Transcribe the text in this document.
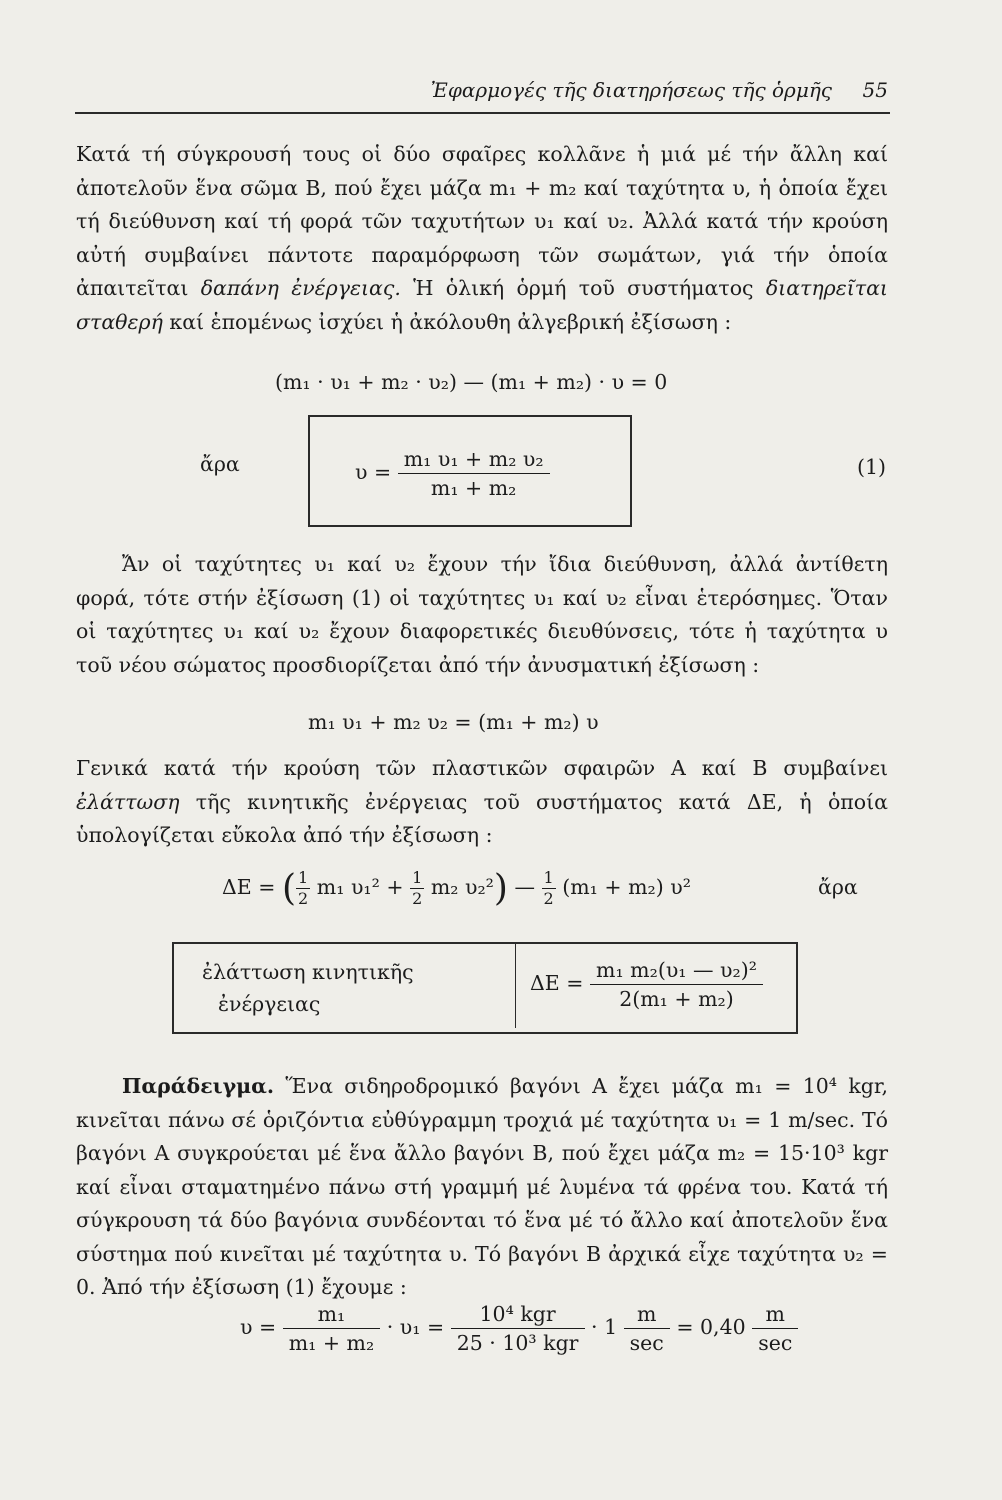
Ἐφαρμογές τῆς διατηρήσεως τῆς ὁρμῆς 55

Κατά τή σύγκρουσή τους οἱ δύο σφαῖρες κολλᾶνε ἡ μιά μέ τήν ἄλλη καί ἀποτελοῦν ἕνα σῶμα Β, πού ἔχει μάζα m₁ + m₂ καί ταχύτητα υ, ἡ ὁποία ἔχει τή διεύθυνση καί τή φορά τῶν ταχυτήτων υ₁ καί υ₂. Ἀλλά κατά τήν κρούση αὐτή συμβαίνει πάντοτε παραμόρφωση τῶν σωμάτων, γιά τήν ὁποία ἀπαιτεῖται δαπάνη ἐνέργειας. Ἡ ὁλική ὁρμή τοῦ συστήματος διατηρεῖται σταθερή καί ἑπομένως ἰσχύει ἡ ἀκόλουθη ἀλγεβρική ἐξίσωση :

(m₁ · υ₁ + m₂ · υ₂) — (m₁ + m₂) · υ = 0
ἄρα	$\upsilon = \frac{\text{m₁ υ₁ + m₂ υ₂}}{\text{m₁ + m₂}}$	(1)

Ἄν οἱ ταχύτητες υ₁ καί υ₂ ἔχουν τήν ἴδια διεύθυνση, ἀλλά ἀντίθετη φορά, τότε στήν ἐξίσωση (1) οἱ ταχύτητες υ₁ καί υ₂ εἶναι ἑτερόσημες. Ὅταν οἱ ταχύτητες υ₁ καί υ₂ ἔχουν διαφορετικές διευθύνσεις, τότε ἡ ταχύτητα υ τοῦ νέου σώματος προσδιορίζεται ἀπό τήν ἀνυσματική ἐξίσωση :

m₁ υ₁ + m₂ υ₂ = (m₁ + m₂) υ

Γενικά κατά τήν κρούση τῶν πλαστικῶν σφαιρῶν Α καί Β συμβαίνει ἐλάττωση τῆς κινητικῆς ἐνέργειας τοῦ συστήματος κατά ΔΕ, ἡ ὁποία ὑπολογίζεται εὔκολα ἀπό τήν ἐξίσωση :

ΔΕ = ( $\frac{1}{2} m_1$ $\upsilon_1^2 + \frac{1}{2} m_2$ υ₂²) — $\frac{1}{2} (m_1 + m_2)$ υ²	ἄρα
ἐλάττωση κινητικῆς
ἐνέργειας
$\Delta E = \frac{\text{m₁ m₂(υ₁ — υ₂)²}}{\text{2(m₁ + m₂)}}$

Παράδειγμα. Ἕνα σιδηροδρομικό βαγόνι Α ἔχει μάζα m₁ = 10⁴ kgr, κινεῖται πάνω σέ ὁριζόντια εὐθύγραμμη τροχιά μέ ταχύτητα υ₁ = 1 m/sec. Τό βαγόνι Α συγκρούεται μέ ἕνα ἄλλο βαγόνι Β, πού ἔχει μάζα m₂ = 15·10³ kgr καί εἶναι σταματημένο πάνω στή γραμμή μέ λυμένα τά φρένα του. Κατά τή σύγκρουση τά δύο βαγόνια συνδέονται τό ἕνα μέ τό ἄλλο καί ἀποτελοῦν ἕνα σύστημα πού κινεῖται μέ ταχύτητα υ. Τό βαγόνι Β ἀρχικά εἶχε ταχύτητα υ₂ = 0. Ἀπό τήν ἐξίσωση (1) ἔχουμε :

$\upsilon = \frac{\text{m₁}}{\text{m₁ + m₂}} \cdot \upsilon_1 = \frac{\text{10⁴ kgr}}{\text{25 · 10³ kgr}} \cdot 1 \frac{m}{\sec} = 0,40 \frac{m}{\sec}$
